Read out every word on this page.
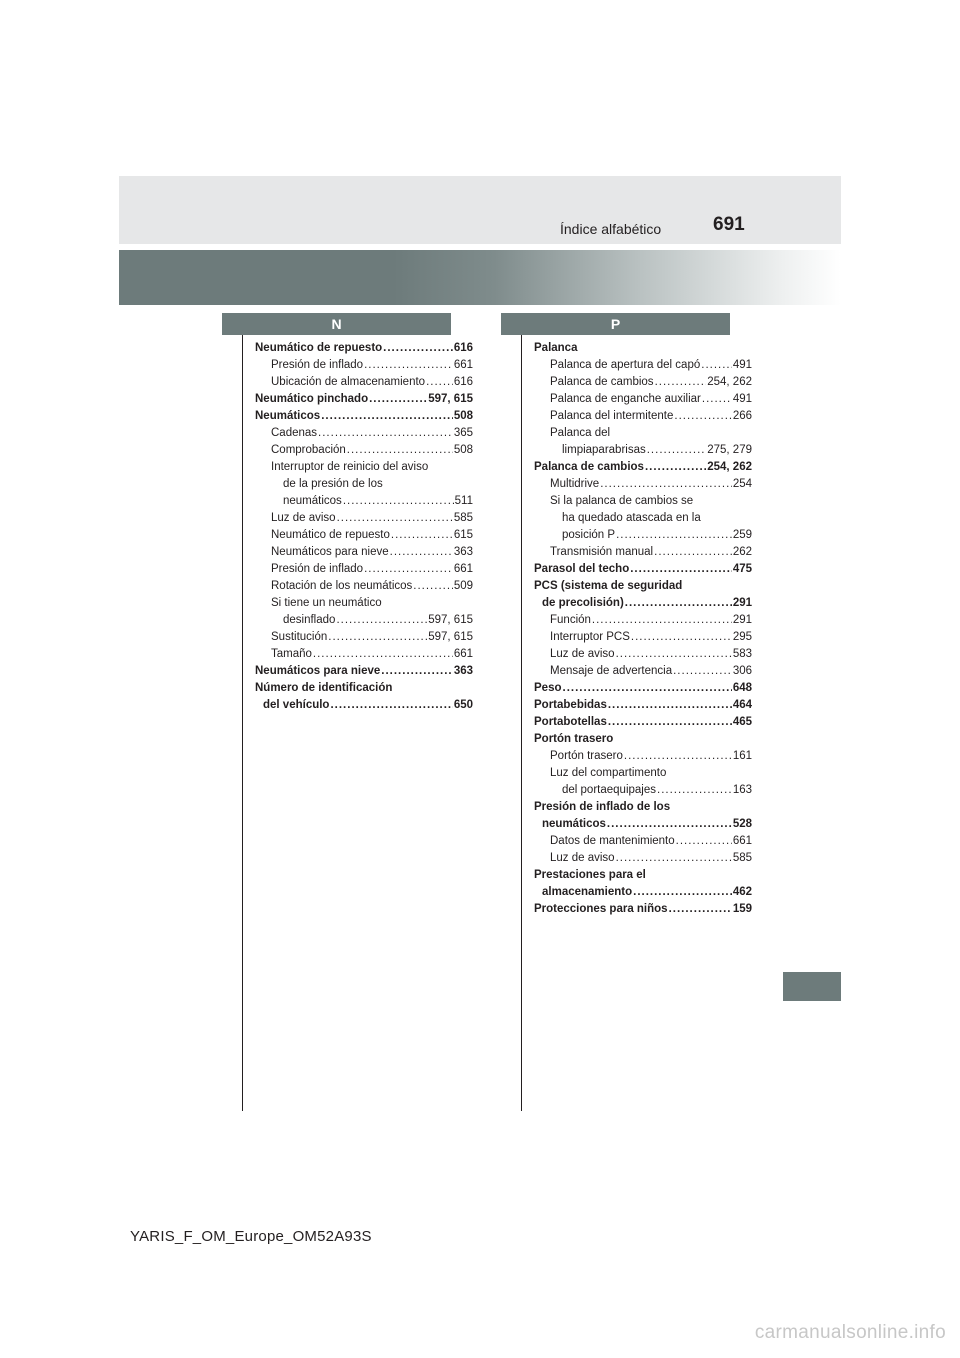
Índice alfabético	691
N
Neumático de repuesto .....	616
Presión de inflado .....	661
Ubicación de almacenamiento .....	616
Neumático pinchado .....	597, 615
Neumáticos .....	508
Cadenas .....	365
Comprobación .....	508
Interruptor de reinicio del aviso
de la presión de los
neumáticos .....	511
Luz de aviso .....	585
Neumático de repuesto .....	615
Neumáticos para nieve .....	363
Presión de inflado .....	661
Rotación de los neumáticos .....	509
Si tiene un neumático
desinflado .....	597, 615
Sustitución .....	597, 615
Tamaño .....	661
Neumáticos para nieve .....	363
Número de identificación
del vehículo .....	650
P
Palanca
Palanca de apertura del capó .....	491
Palanca de cambios .....	254, 262
Palanca de enganche auxiliar .....	491
Palanca del intermitente .....	266
Palanca del
limpiaparabrisas .....	275, 279
Palanca de cambios .....	254, 262
Multidrive .....	254
Si la palanca de cambios se
ha quedado atascada en la
posición P .....	259
Transmisión manual .....	262
Parasol del techo .....	475
PCS (sistema de seguridad
de precolisión) .....	291
Función .....	291
Interruptor PCS .....	295
Luz de aviso .....	583
Mensaje de advertencia .....	306
Peso .....	648
Portabebidas .....	464
Portabotellas .....	465
Portón trasero
Portón trasero .....	161
Luz del compartimento
del portaequipajes .....	163
Presión de inflado de los
neumáticos .....	528
Datos de mantenimiento .....	661
Luz de aviso .....	585
Prestaciones para el
almacenamiento .....	462
Protecciones para niños .....	159
YARIS_F_OM_Europe_OM52A93S
carmanualsonline.info
